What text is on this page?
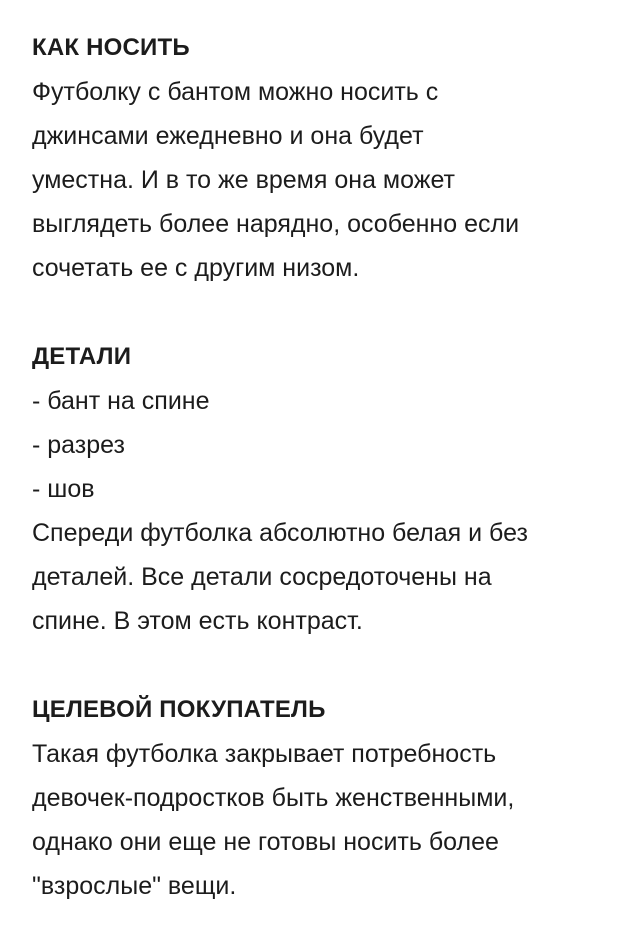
КАК НОСИТЬ
Футболку с бантом можно носить с
джинсами ежедневно и она будет
уместна. И в то же время она может
выглядеть более нарядно, особенно если
сочетать ее с другим низом.
ДЕТАЛИ
- бант на спине
- разрез
- шов
Спереди футболка абсолютно белая и без
деталей. Все детали сосредоточены на
спине. В этом есть контраст.
ЦЕЛЕВОЙ ПОКУПАТЕЛЬ
Такая футболка закрывает потребность
девочек-подростков быть женственными,
однако они еще не готовы носить более
"взрослые" вещи.
